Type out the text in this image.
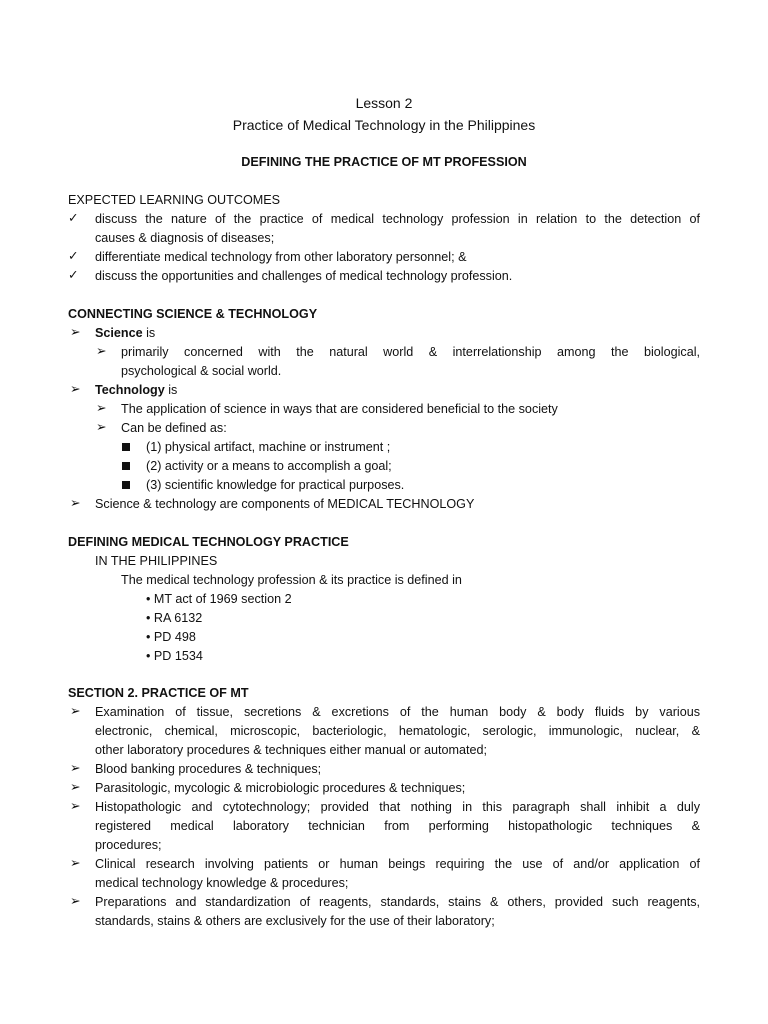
Lesson 2
Practice of Medical Technology in the Philippines
DEFINING THE PRACTICE OF MT PROFESSION
EXPECTED LEARNING OUTCOMES
✓ discuss the nature of the practice of medical technology profession in relation to the detection of
causes & diagnosis of diseases;
✓ differentiate medical technology from other laboratory personnel; &
✓ discuss the opportunities and challenges of medical technology profession.
CONNECTING SCIENCE & TECHNOLOGY
➢ Science is
➢ primarily concerned with the natural world & interrelationship among the biological,
psychological & social world.
➢ Technology is
➢ The application of science in ways that are considered beneficial to the society
➢ Can be defined as:
(1) physical artifact, machine or instrument ;
(2) activity or a means to accomplish a goal;
(3) scientific knowledge for practical purposes.
➢ Science & technology are components of MEDICAL TECHNOLOGY
DEFINING MEDICAL TECHNOLOGY PRACTICE
IN THE PHILIPPINES
The medical technology profession & its practice is defined in
• MT act of 1969 section 2
• RA 6132
• PD 498
• PD 1534
SECTION 2. PRACTICE OF MT
➢ Examination of tissue, secretions & excretions of the human body & body fluids by various
electronic, chemical, microscopic, bacteriologic, hematologic, serologic, immunologic, nuclear, &
other laboratory procedures & techniques either manual or automated;
➢ Blood banking procedures & techniques;
➢ Parasitologic, mycologic & microbiologic procedures & techniques;
➢ Histopathologic and cytotechnology; provided that nothing in this paragraph shall inhibit a duly
registered medical laboratory technician from performing histopathologic techniques &
procedures;
➢ Clinical research involving patients or human beings requiring the use of and/or application of
medical technology knowledge & procedures;
➢ Preparations and standardization of reagents, standards, stains & others, provided such reagents,
standards, stains & others are exclusively for the use of their laboratory;
